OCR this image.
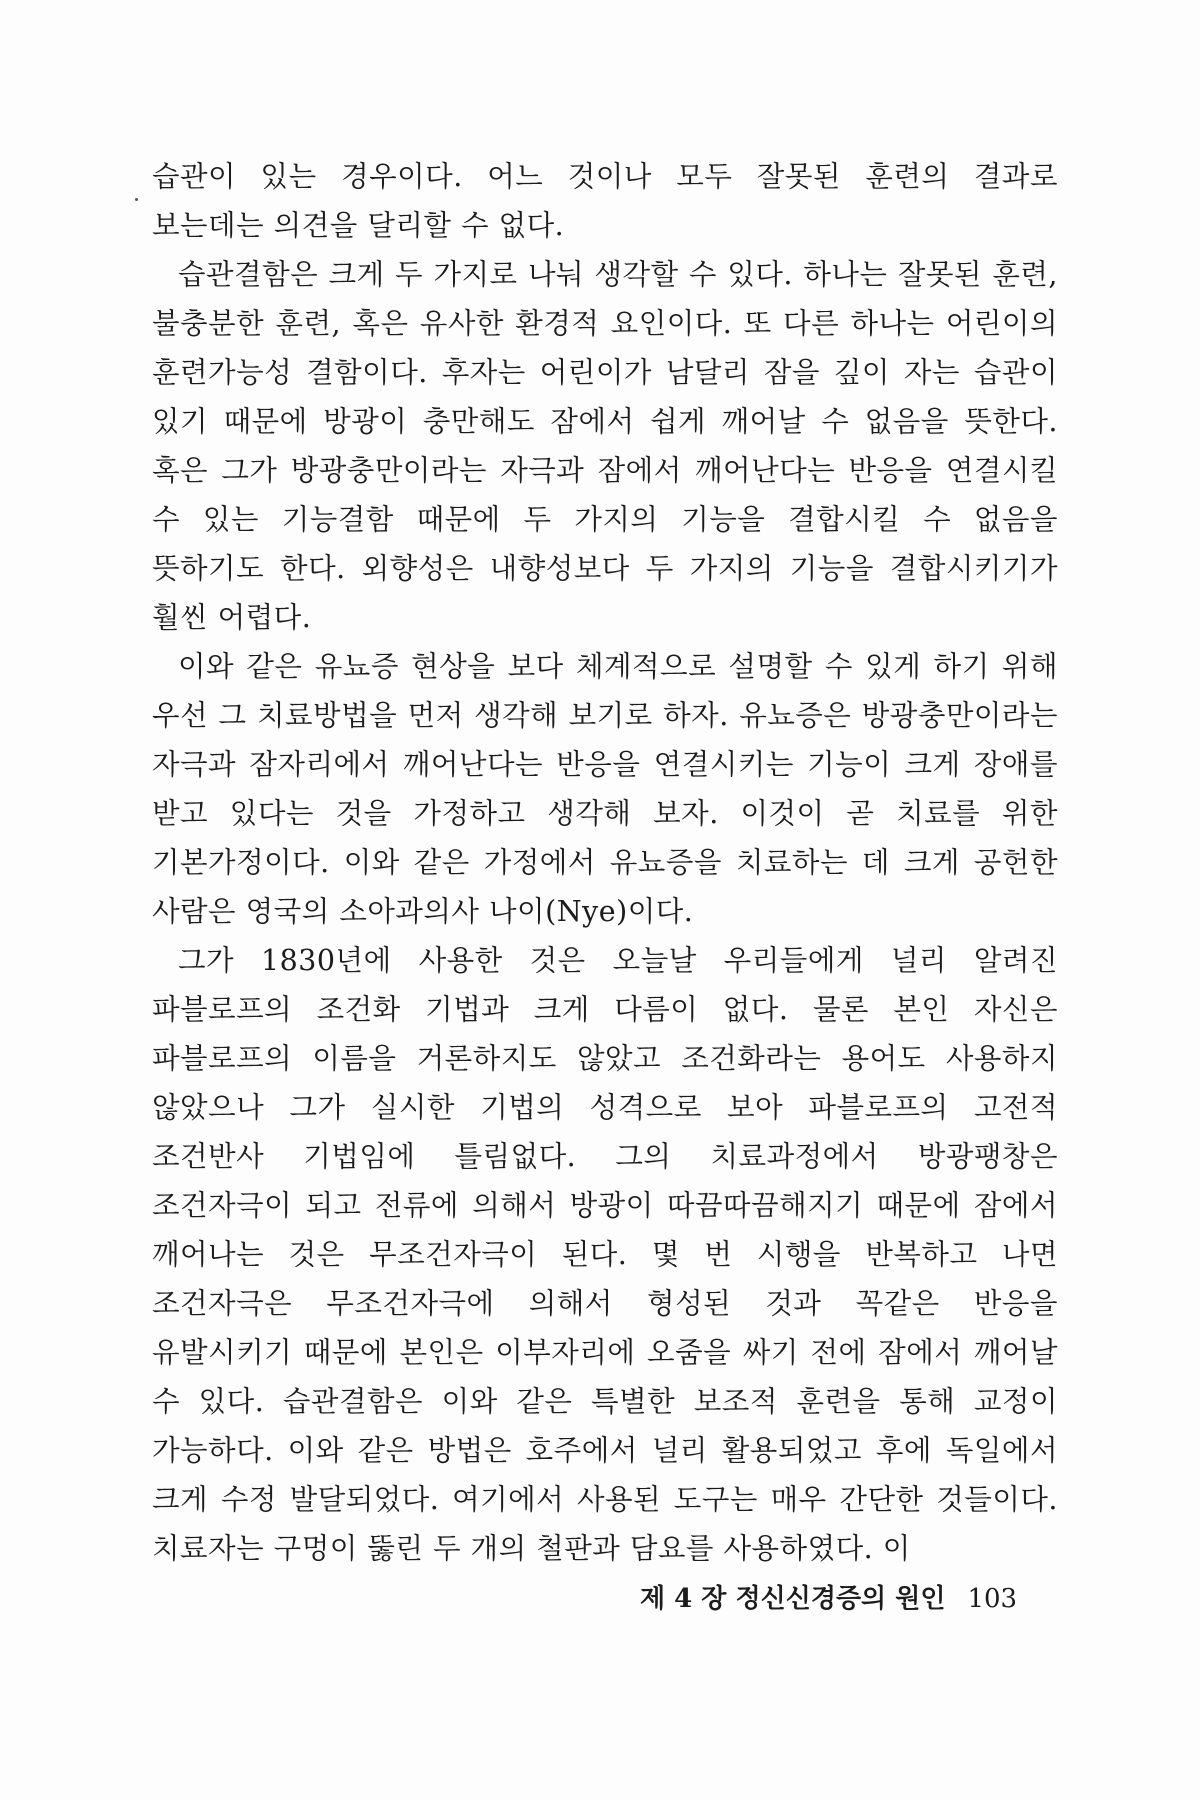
습관이 있는 경우이다. 어느 것이나 모두 잘못된 훈련의 결과로 보는데는 의견을 달리할 수 없다.

습관결함은 크게 두 가지로 나눠 생각할 수 있다. 하나는 잘못된 훈련, 불충분한 훈련, 혹은 유사한 환경적 요인이다. 또 다른 하나는 어린이의 훈련가능성 결함이다. 후자는 어린이가 남달리 잠을 깊이 자는 습관이 있기 때문에 방광이 충만해도 잠에서 쉽게 깨어날 수 없음을 뜻한다. 혹은 그가 방광충만이라는 자극과 잠에서 깨어난다는 반응을 연결시킬 수 있는 기능결함 때문에 두 가지의 기능을 결합시킬 수 없음을 뜻하기도 한다. 외향성은 내향성보다 두 가지의 기능을 결합시키기가 훨씬 어렵다.

이와 같은 유뇨증 현상을 보다 체계적으로 설명할 수 있게 하기 위해 우선 그 치료방법을 먼저 생각해 보기로 하자. 유뇨증은 방광충만이라는 자극과 잠자리에서 깨어난다는 반응을 연결시키는 기능이 크게 장애를 받고 있다는 것을 가정하고 생각해 보자. 이것이 곧 치료를 위한 기본가정이다. 이와 같은 가정에서 유뇨증을 치료하는 데 크게 공헌한 사람은 영국의 소아과의사 나이(Nye)이다.

그가 1830년에 사용한 것은 오늘날 우리들에게 널리 알려진 파블로프의 조건화 기법과 크게 다름이 없다. 물론 본인 자신은 파블로프의 이름을 거론하지도 않았고 조건화라는 용어도 사용하지 않았으나 그가 실시한 기법의 성격으로 보아 파블로프의 고전적 조건반사 기법임에 틀림없다. 그의 치료과정에서 방광팽창은 조건자극이 되고 전류에 의해서 방광이 따끔따끔해지기 때문에 잠에서 깨어나는 것은 무조건자극이 된다. 몇 번 시행을 반복하고 나면 조건자극은 무조건자극에 의해서 형성된 것과 꼭같은 반응을 유발시키기 때문에 본인은 이부자리에 오줌을 싸기 전에 잠에서 깨어날 수 있다. 습관결함은 이와 같은 특별한 보조적 훈련을 통해 교정이 가능하다. 이와 같은 방법은 호주에서 널리 활용되었고 후에 독일에서 크게 수정 발달되었다. 여기에서 사용된 도구는 매우 간단한 것들이다. 치료자는 구멍이 뚫린 두 개의 철판과 담요를 사용하였다. 이

제 4 장 정신신경증의 원인 103
